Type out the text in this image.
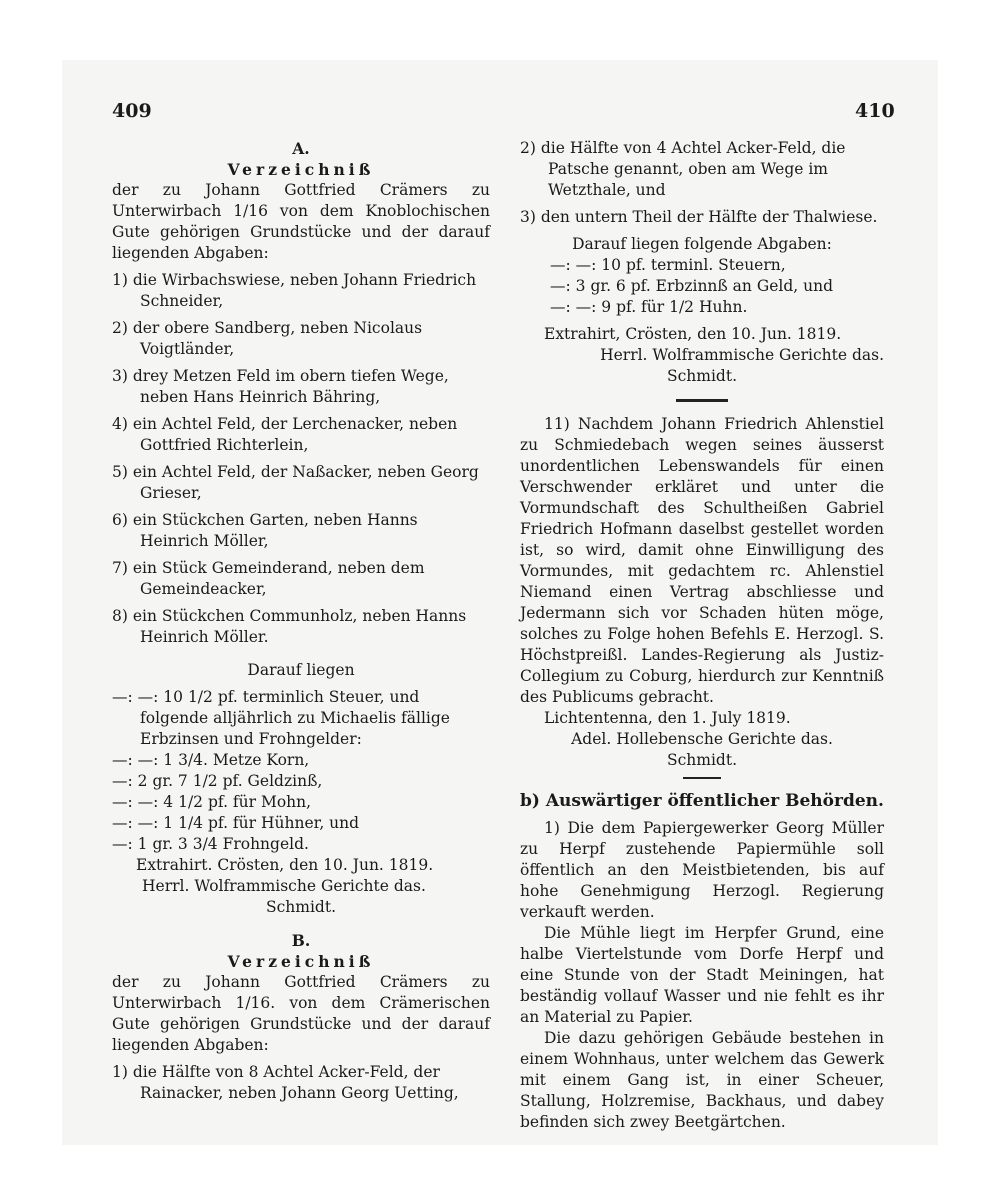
409	410

A.

Verzeichniß

der zu Johann Gottfried Crämers zu Unterwirbach 1/16 von dem Knoblochischen Gute gehörigen Grundstücke und der darauf liegenden Abgaben:

1) die Wirbachswiese, neben Johann Friedrich Schneider,

2) der obere Sandberg, neben Nicolaus Voigtländer,

3) drey Metzen Feld im obern tiefen Wege, neben Hans Heinrich Bähring,

4) ein Achtel Feld, der Lerchenacker, neben Gottfried Richterlein,

5) ein Achtel Feld, der Naßacker, neben Georg Grieser,

6) ein Stückchen Garten, neben Hanns Heinrich Möller,

7) ein Stück Gemeinderand, neben dem Gemeindeacker,

8) ein Stückchen Communholz, neben Hanns Heinrich Möller.

Darauf liegen

—: —: 10 1/2 pf. terminlich Steuer, und folgende alljährlich zu Michaelis fällige Erbzinsen und Frohngelder:

—: —: 1 3/4. Metze Korn,

—: 2 gr. 7 1/2 pf. Geldzinß,

—: —: 4 1/2 pf. für Mohn,

—: —: 1 1/4 pf. für Hühner, und

—: 1 gr. 3 3/4 Frohngeld.

Extrahirt. Crösten, den 10. Jun. 1819.

Herrl. Wolframmische Gerichte das.

Schmidt.

B.

Verzeichniß

der zu Johann Gottfried Crämers zu Unterwirbach 1/16. von dem Crämerischen Gute gehörigen Grundstücke und der darauf liegenden Abgaben:

1) die Hälfte von 8 Achtel Acker-Feld, der Rainacker, neben Johann Georg Uetting,

2) die Hälfte von 4 Achtel Acker-Feld, die Patsche genannt, oben am Wege im Wetzthale, und

3) den untern Theil der Hälfte der Thalwiese.

Darauf liegen folgende Abgaben:

—: —: 10 pf. terminl. Steuern,

—: 3 gr. 6 pf. Erbzinnß an Geld, und

—: —: 9 pf. für 1/2 Huhn.

Extrahirt, Crösten, den 10. Jun. 1819.

Herrl. Wolframmische Gerichte das.

Schmidt.

11) Nachdem Johann Friedrich Ahlenstiel zu Schmiedebach wegen seines äusserst unordentlichen Lebenswandels für einen Verschwender erkläret und unter die Vormundschaft des Schultheißen Gabriel Friedrich Hofmann daselbst gestellet worden ist, so wird, damit ohne Einwilligung des Vormundes, mit gedachtem rc. Ahlenstiel Niemand einen Vertrag abschliesse und Jedermann sich vor Schaden hüten möge, solches zu Folge hohen Befehls E. Herzogl. S. Höchstpreißl. Landes-Regierung als Justiz-Collegium zu Coburg, hierdurch zur Kenntniß des Publicums gebracht.

Lichtentenna, den 1. July 1819.

Adel. Hollebensche Gerichte das.

Schmidt.

b) Auswärtiger öffentlicher Behörden.

1) Die dem Papiergewerker Georg Müller zu Herpf zustehende Papiermühle soll öffentlich an den Meistbietenden, bis auf hohe Genehmigung Herzogl. Regierung verkauft werden.

Die Mühle liegt im Herpfer Grund, eine halbe Viertelstunde vom Dorfe Herpf und eine Stunde von der Stadt Meiningen, hat beständig vollauf Wasser und nie fehlt es ihr an Material zu Papier.

Die dazu gehörigen Gebäude bestehen in einem Wohnhaus, unter welchem das Gewerk mit einem Gang ist, in einer Scheuer, Stallung, Holzremise, Backhaus, und dabey befinden sich zwey Beetgärtchen.
